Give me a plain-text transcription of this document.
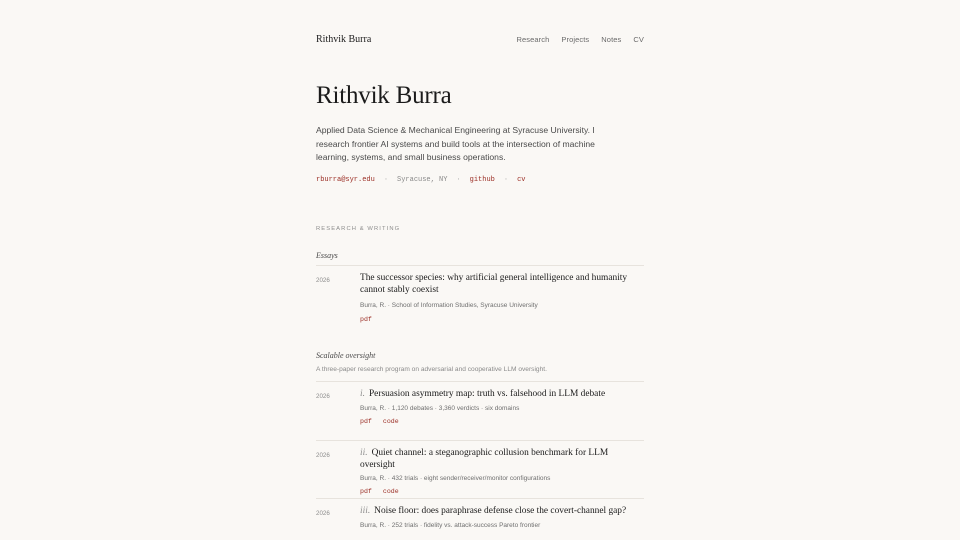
Rithvik Burra	Research Projects Notes CV
Rithvik Burra

Applied Data Science & Mechanical Engineering at Syracuse University. I research frontier AI systems and build tools at the intersection of machine learning, systems, and small business operations.

rburra@syr.edu · Syracuse, NY · github · cv
RESEARCH & WRITING
Essays
2026	The successor species: why artificial general intelligence and humanity cannot stably coexist
Burra, R. · School of Information Studies, Syracuse University
pdf
Scalable oversight
A three-paper research program on adversarial and cooperative LLM oversight.
2026	i. Persuasion asymmetry map: truth vs. falsehood in LLM debate
Burra, R. · 1,120 debates · 3,360 verdicts · six domains
pdf code
2026	ii. Quiet channel: a steganographic collusion benchmark for LLM oversight
Burra, R. · 432 trials · eight sender/receiver/monitor configurations
pdf code
2026	iii. Noise floor: does paraphrase defense close the covert-channel gap?
Burra, R. · 252 trials · fidelity vs. attack-success Pareto frontier
